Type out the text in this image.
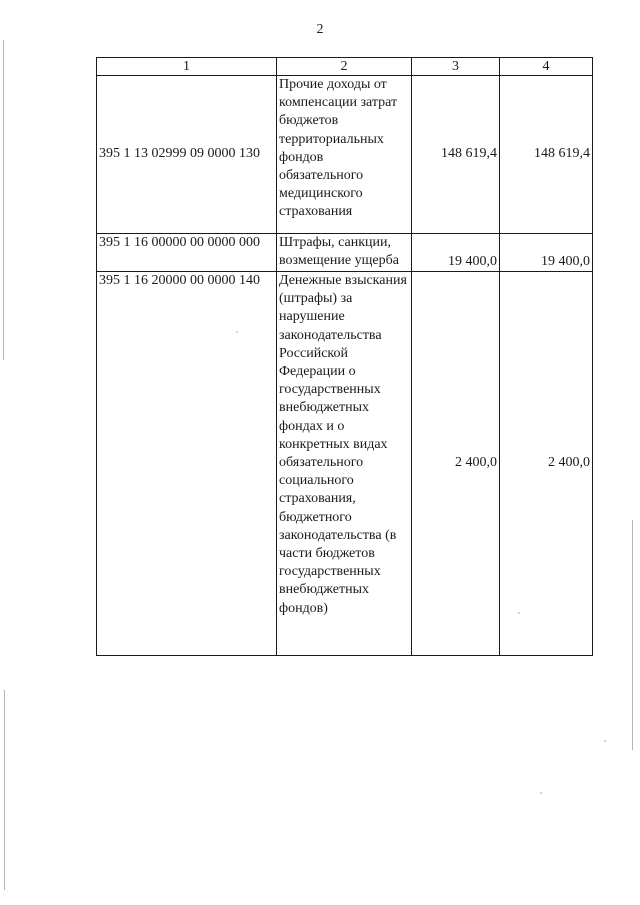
2
1	2	3	4
395 1 13 02999 09 0000 130	Прочие доходы от компенсации затрат бюджетов территориальных фондов обязательного медицинского страхования	148 619,4	148 619,4
395 1 16 00000 00 0000 000	Штрафы, санкции, возмещение ущерба	19 400,0	19 400,0
395 1 16 20000 00 0000 140	Денежные взыскания (штрафы) за нарушение законодательства Российской Федерации о государственных внебюджетных фондах и о конкретных видах обязательного социального страхования, бюджетного законодательства (в части бюджетов государственных внебюджетных фондов)	2 400,0	2 400,0
